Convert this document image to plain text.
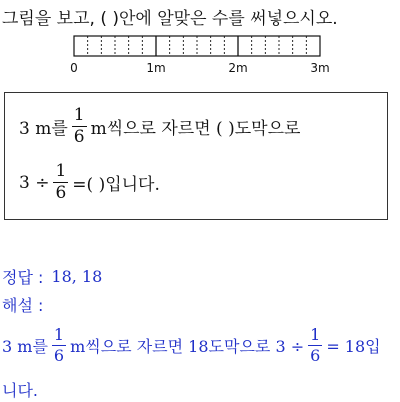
그림을 보고, ( )안에 알맞은 수를 써넣으시오.
0	1m	2m	3m
3 m를 $\frac{1}{6}$ m씩으로 자르면 ( )도막으로
$3 \div \frac{1}{6}$ =( )입니다.
정답 : 18, 18
해설 :
3 m를 $\frac{1}{6}$ m씩으로 자르면 18도막으로 $3 \div \frac{1}{6} = 18$입
니다.
